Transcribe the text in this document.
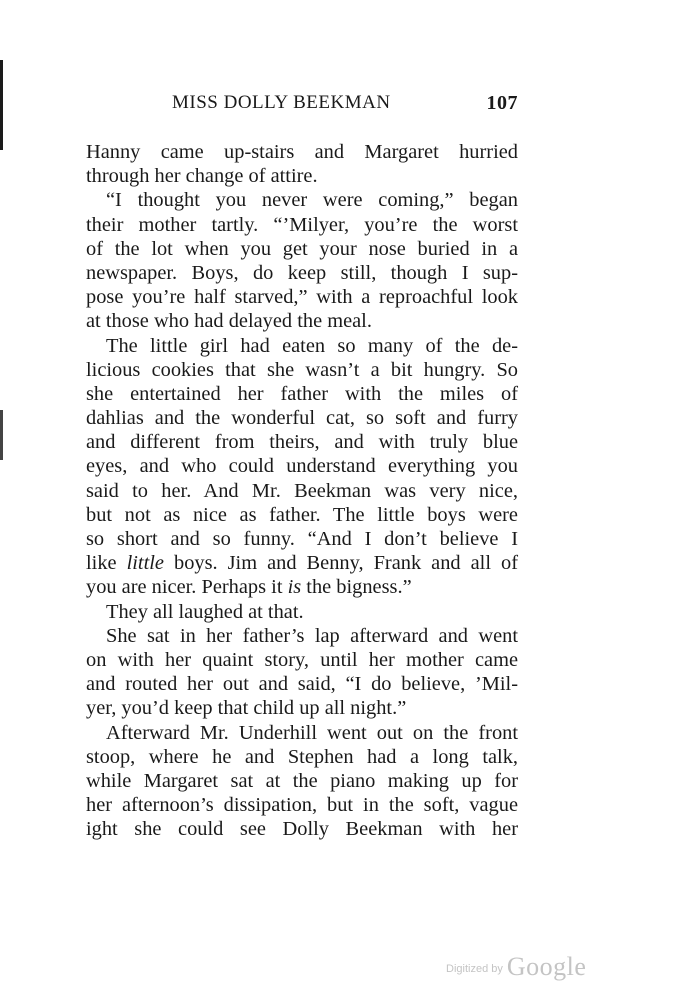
MISS DOLLY BEEKMAN	107
Hanny came up-stairs and Margaret hurried
through her change of attire.
“I thought you never were coming,” began
their mother tartly. “’Milyer, you’re the worst
of the lot when you get your nose buried in a
newspaper. Boys, do keep still, though I sup-
pose you’re half starved,” with a reproachful look
at those who had delayed the meal.
The little girl had eaten so many of the de-
licious cookies that she wasn’t a bit hungry. So
she entertained her father with the miles of
dahlias and the wonderful cat, so soft and furry
and different from theirs, and with truly blue
eyes, and who could understand everything you
said to her. And Mr. Beekman was very nice,
but not as nice as father. The little boys were
so short and so funny. “And I don’t believe I
like little boys. Jim and Benny, Frank and all of
you are nicer. Perhaps it is the bigness.”
They all laughed at that.
She sat in her father’s lap afterward and went
on with her quaint story, until her mother came
and routed her out and said, “I do believe, ’Mil-
yer, you’d keep that child up all night.”
Afterward Mr. Underhill went out on the front
stoop, where he and Stephen had a long talk,
while Margaret sat at the piano making up for
her afternoon’s dissipation, but in the soft, vague
ight she could see Dolly Beekman with her
Digitized by Google
